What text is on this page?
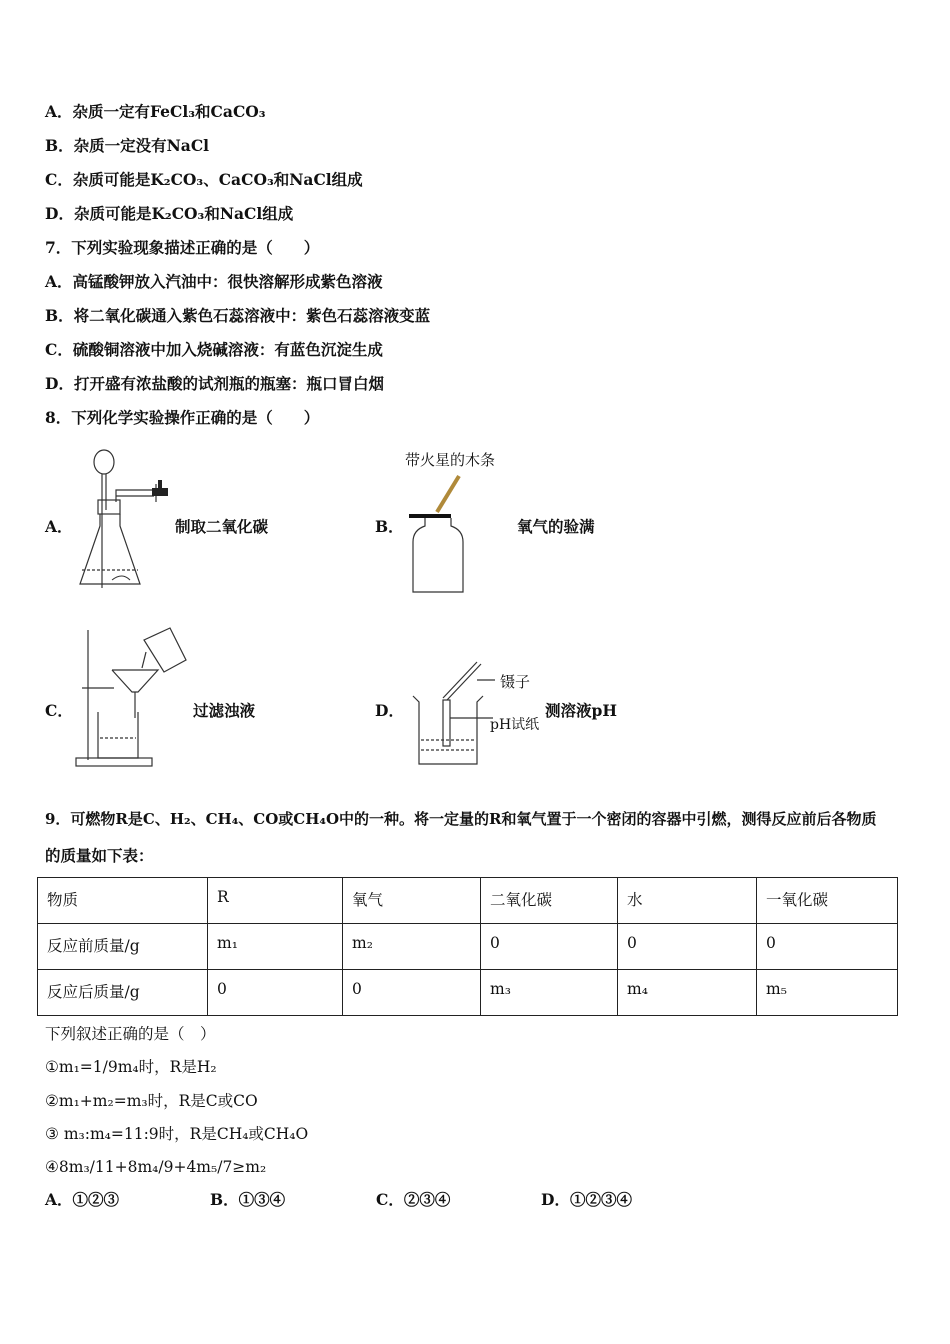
A．杂质一定有FeCl₃和CaCO₃
B．杂质一定没有NaCl
C．杂质可能是K₂CO₃、CaCO₃和NaCl组成
D．杂质可能是K₂CO₃和NaCl组成
7．下列实验现象描述正确的是（　　）
A．高锰酸钾放入汽油中：很快溶解形成紫色溶液
B．将二氧化碳通入紫色石蕊溶液中：紫色石蕊溶液变蓝
C．硫酸铜溶液中加入烧碱溶液：有蓝色沉淀生成
D．打开盛有浓盐酸的试剂瓶的瓶塞：瓶口冒白烟
8．下列化学实验操作正确的是（　　）
A．	制取二氧化碳	B．
带火星的木条
氧气的验满
C．	过滤浊液	D．
镊子
pH试纸
测溶液pH
9．可燃物R是C、H₂、CH₄、CO或CH₄O中的一种。将一定量的R和氧气置于一个密闭的容器中引燃，测得反应前后各物质
的质量如下表：
物质	R	氧气	二氧化碳	水	一氧化碳
反应前质量/g	m₁	m₂	0	0	0
反应后质量/g	0	0	m₃	m₄	m₅
下列叙述正确的是（　）
①m₁=1/9m₄时，R是H₂
②m₁+m₂=m₃时，R是C或CO
③ m₃:m₄=11:9时，R是CH₄或CH₄O
④8m₃/11+8m₄/9+4m₅/7≥m₂
A．①②③	B．①③④	C．②③④	D．①②③④
